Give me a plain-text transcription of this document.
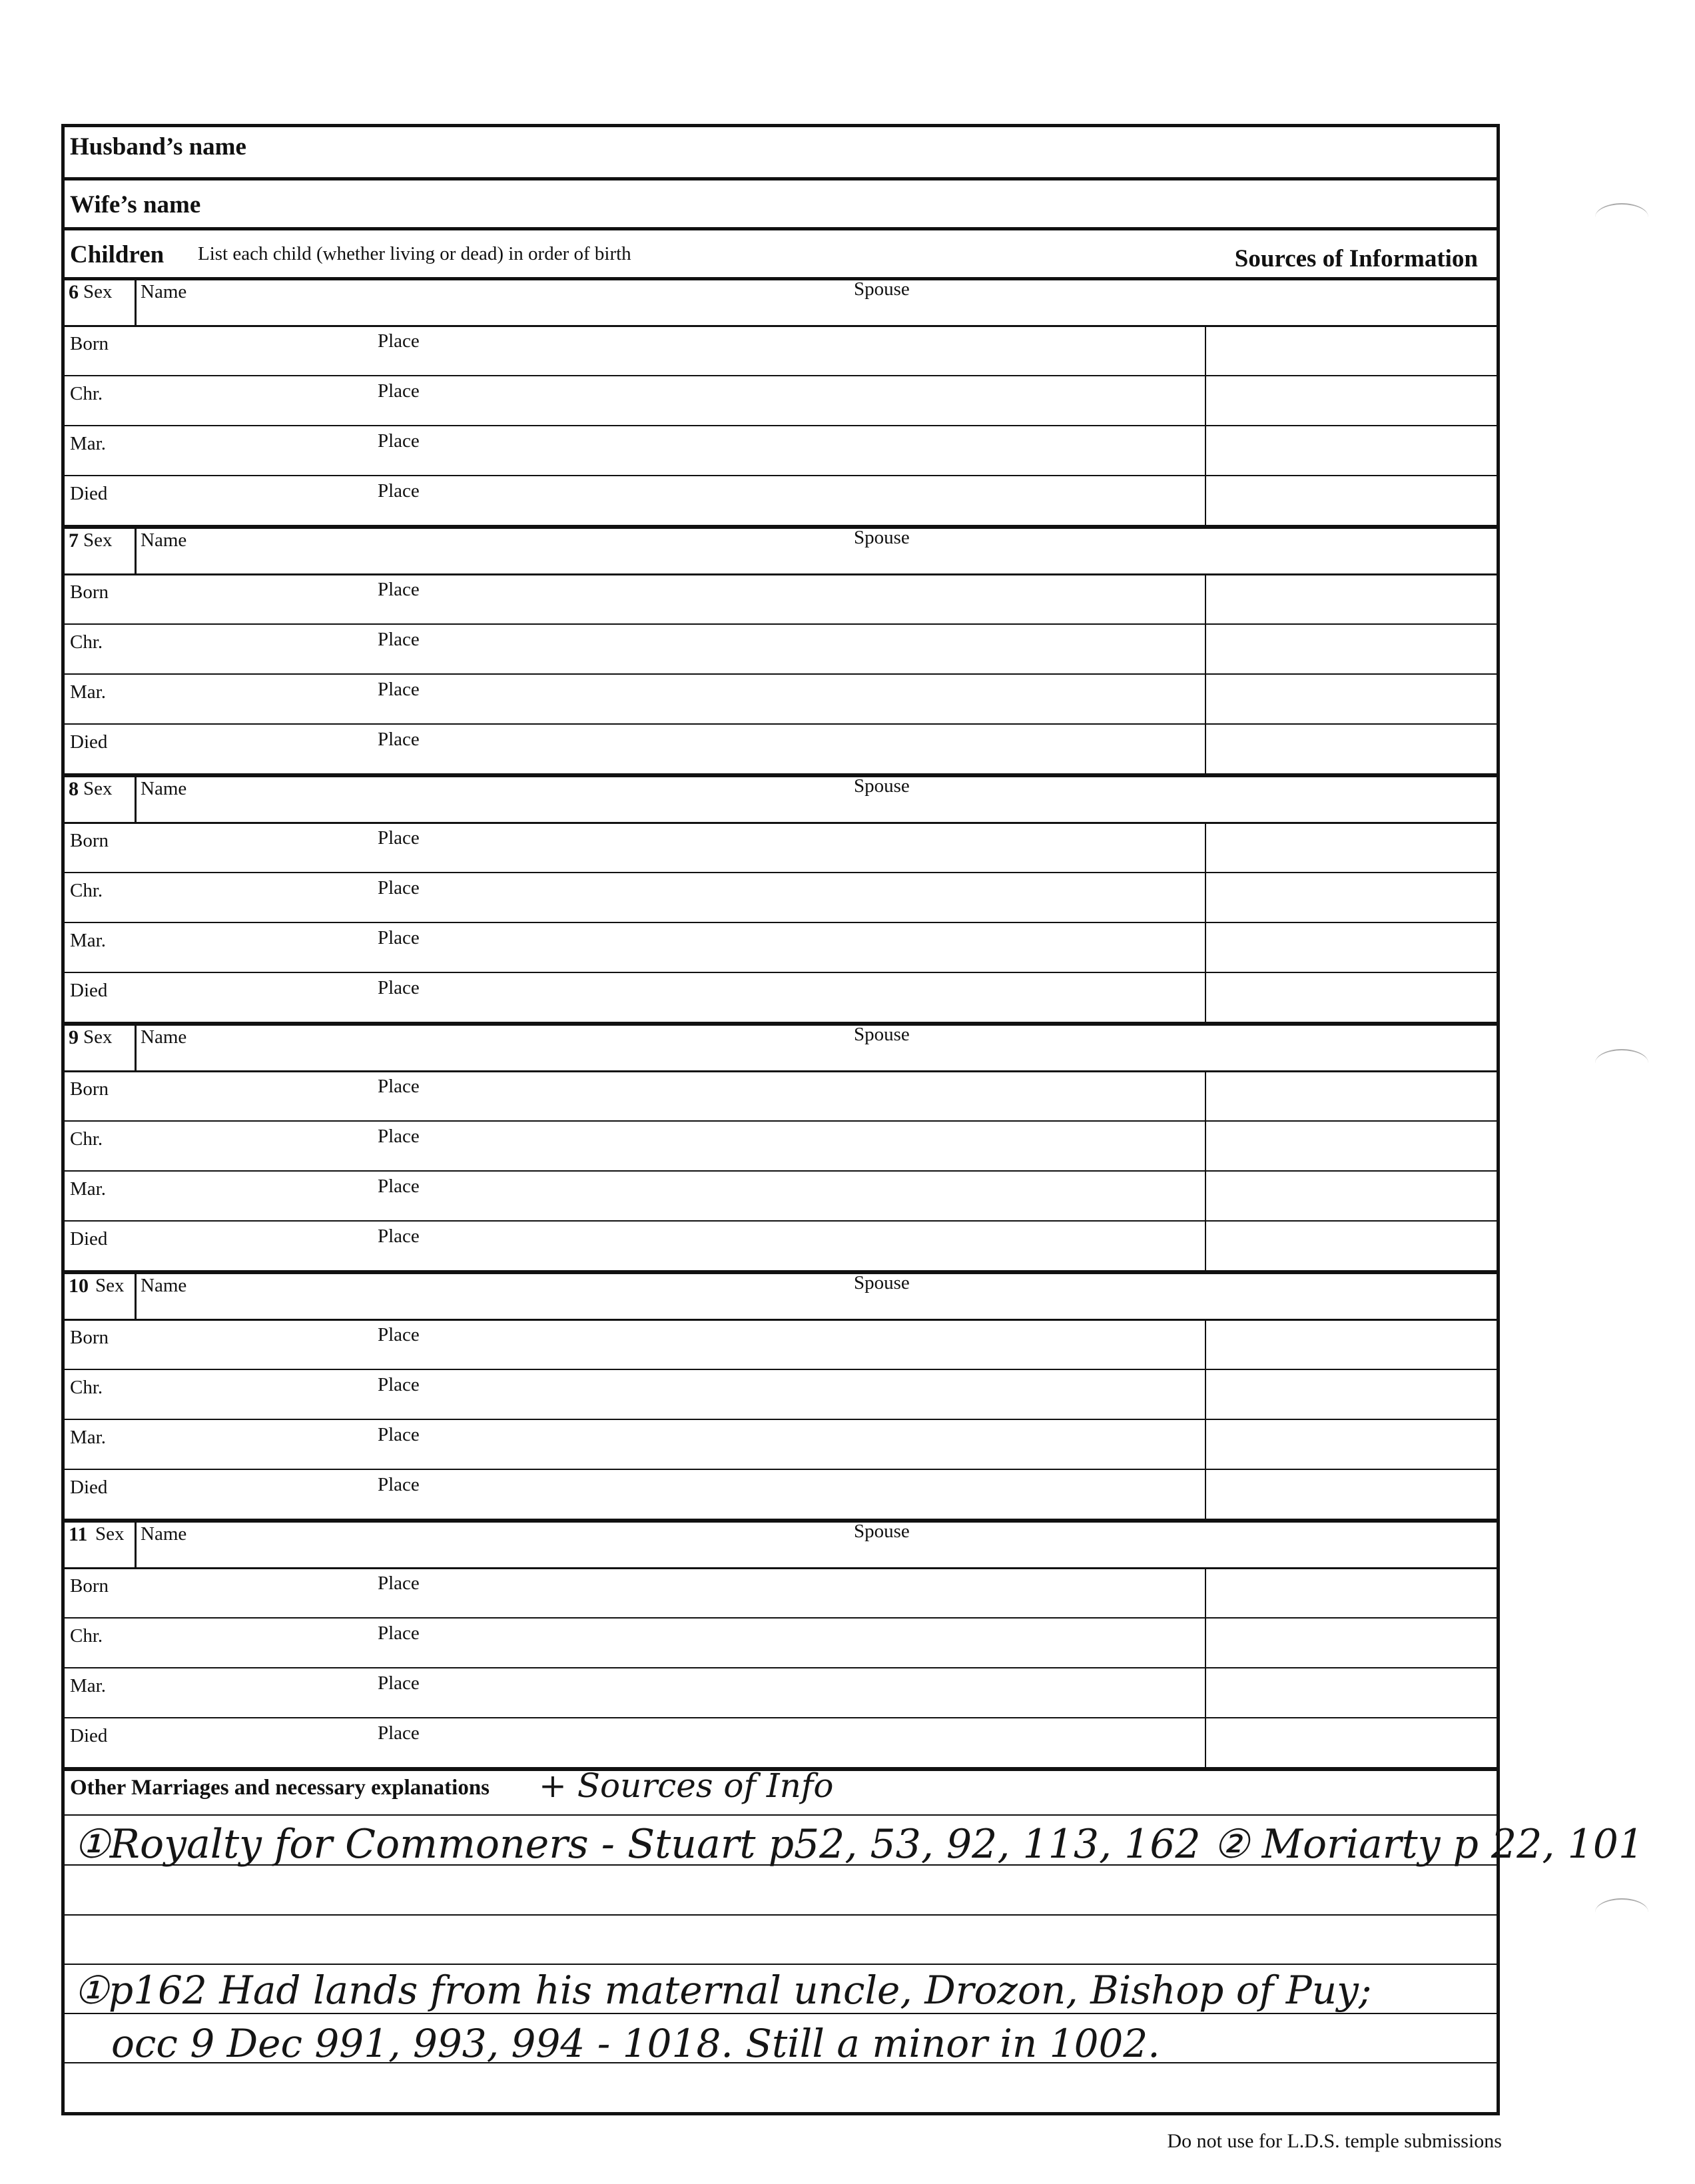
Husband’s name
Wife’s name
Children List each child (whether living or dead) in order of birth	Sources of Information
6 Sex Name	Spouse
Born	Place
Chr.	Place
Mar.	Place
Died	Place
7 Sex Name	Spouse
Born	Place
Chr.	Place
Mar.	Place
Died	Place
8 Sex Name	Spouse
Born	Place
Chr.	Place
Mar.	Place
Died	Place
9 Sex Name	Spouse
Born	Place
Chr.	Place
Mar.	Place
Died	Place
10 Sex Name	Spouse
Born	Place
Chr.	Place
Mar.	Place
Died	Place
11 Sex Name	Spouse
Born	Place
Chr.	Place
Mar.	Place
Died	Place
Other Marriages and necessary explanations + Sources of Info
①Royalty for Commoners - Stuart p52, 53, 92, 113, 162 ② Moriarty p 22, 101
①p162 Had lands from his maternal uncle, Drozon, Bishop of Puy;
occ 9 Dec 991, 993, 994 - 1018. Still a minor in 1002.
Do not use for L.D.S. temple submissions
